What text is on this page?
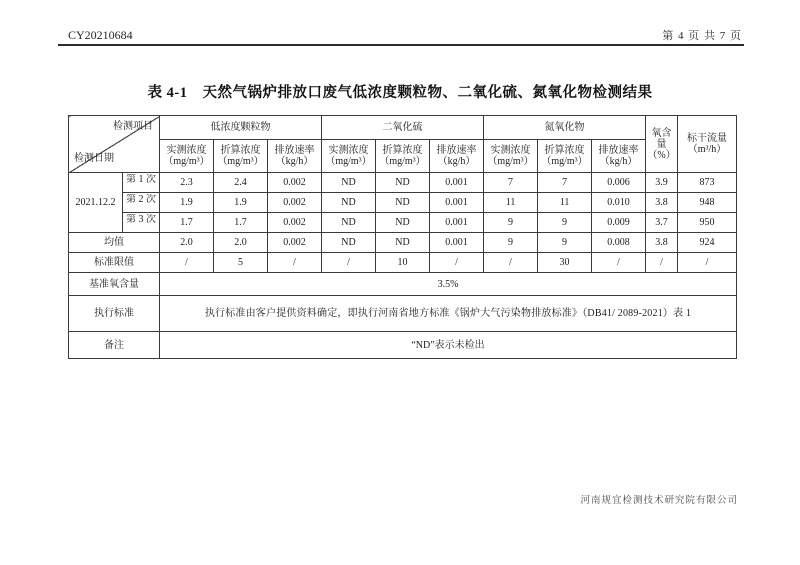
CY20210684	第 4 页 共 7 页
表 4-1　天然气锅炉排放口废气低浓度颗粒物、二氧化硫、氮氧化物检测结果
检测项目
检测日期		低浓度颗粒物			二氧化硫			氮氧化物			氧含量（%）	标干流量（m³/h）
		实测浓度（mg/m³）	折算浓度（mg/m³）	排放速率（kg/h）	实测浓度（mg/m³）	折算浓度（mg/m³）	排放速率（kg/h）	实测浓度（mg/m³）	折算浓度（mg/m³）	排放速率（kg/h）		
2021.12.2	第 1 次	2.3	2.4	0.002	ND	ND	0.001	7	7	0.006	3.9	873

	第 2 次	1.9	1.9	0.002	ND	ND	0.001	11	11	0.010	3.8	948

	第 3 次	1.7	1.7	0.002	ND	ND	0.001	9	9	0.009	3.7	950
均值		2.0	2.0	0.002	ND	ND	0.001	9	9	0.008	3.8	924
标准限值		/	5	/	/	10	/	/	30	/	/	/
基准氧含量		3.5%										
执行标准		执行标准由客户提供资料确定，即执行河南省地方标准《锅炉大气污染物排放标准》（DB41/ 2089-2021）表 1										
备注		“ND”表示未检出										
河南规宜检测技术研究院有限公司
